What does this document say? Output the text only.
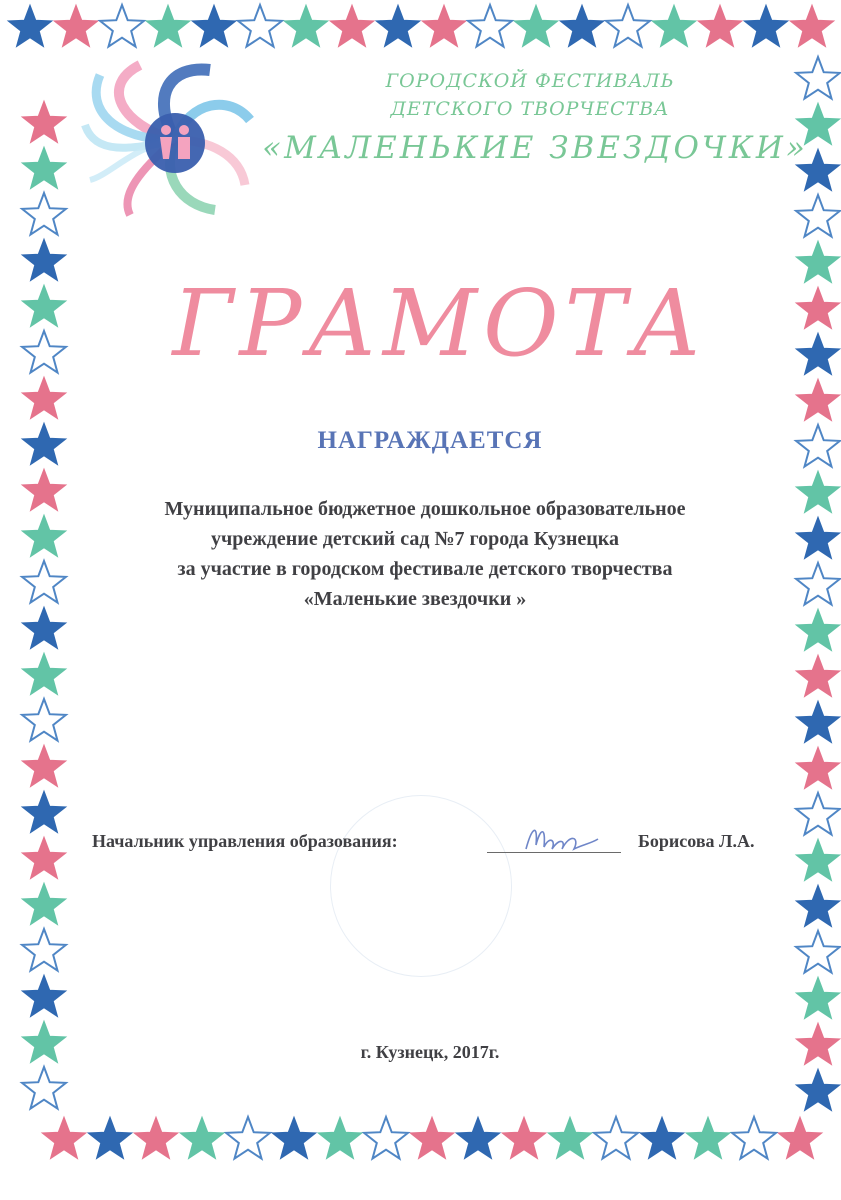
ГОРОДСКОЙ ФЕСТИВАЛЬ
ДЕТСКОГО ТВОРЧЕСТВА
«МАЛЕНЬКИЕ ЗВЕЗДОЧКИ»
ГРАМОТА
НАГРАЖДАЕТСЯ
Муниципальное бюджетное дошкольное образовательное
учреждение детский сад №7 города Кузнецка
за участие в городском фестивале детского творчества
«Маленькие звездочки »
Начальник управления образования:	Борисова Л.А.
г. Кузнецк, 2017г.
